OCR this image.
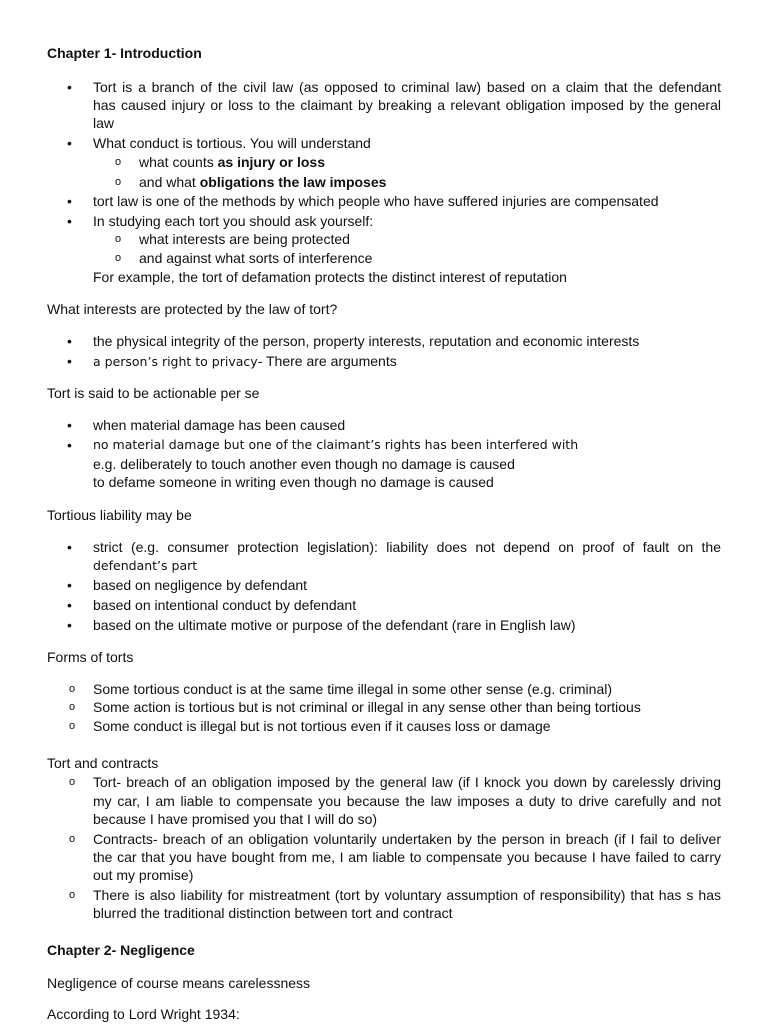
Chapter 1- Introduction
• Tort is a branch of the civil law (as opposed to criminal law) based on a claim that the defendant
has caused injury or loss to the claimant by breaking a relevant obligation imposed by the general
law
• What conduct is tortious. You will understand
o what counts as injury or loss
o and what obligations the law imposes
• tort law is one of the methods by which people who have suffered injuries are compensated
• In studying each tort you should ask yourself:
o what interests are being protected
o and against what sorts of interference
For example, the tort of defamation protects the distinct interest of reputation
What interests are protected by the law of tort?
• the physical integrity of the person, property interests, reputation and economic interests
• a person’s right to privacy- There are arguments
Tort is said to be actionable per se
• when material damage has been caused
• no material damage but one of the claimant’s rights has been interfered with
e.g. deliberately to touch another even though no damage is caused
to defame someone in writing even though no damage is caused
Tortious liability may be
• strict (e.g. consumer protection legislation): liability does not depend on proof of fault on the
defendant’s part
• based on negligence by defendant
• based on intentional conduct by defendant
• based on the ultimate motive or purpose of the defendant (rare in English law)
Forms of torts
o Some tortious conduct is at the same time illegal in some other sense (e.g. criminal)
o Some action is tortious but is not criminal or illegal in any sense other than being tortious
o Some conduct is illegal but is not tortious even if it causes loss or damage
Tort and contracts
o Tort- breach of an obligation imposed by the general law (if I knock you down by carelessly driving
my car, I am liable to compensate you because the law imposes a duty to drive carefully and not
because I have promised you that I will do so)
o Contracts- breach of an obligation voluntarily undertaken by the person in breach (if I fail to deliver
the car that you have bought from me, I am liable to compensate you because I have failed to carry
out my promise)
o There is also liability for mistreatment (tort by voluntary assumption of responsibility) that has s has
blurred the traditional distinction between tort and contract
Chapter 2- Negligence
Negligence of course means carelessness
According to Lord Wright 1934:
